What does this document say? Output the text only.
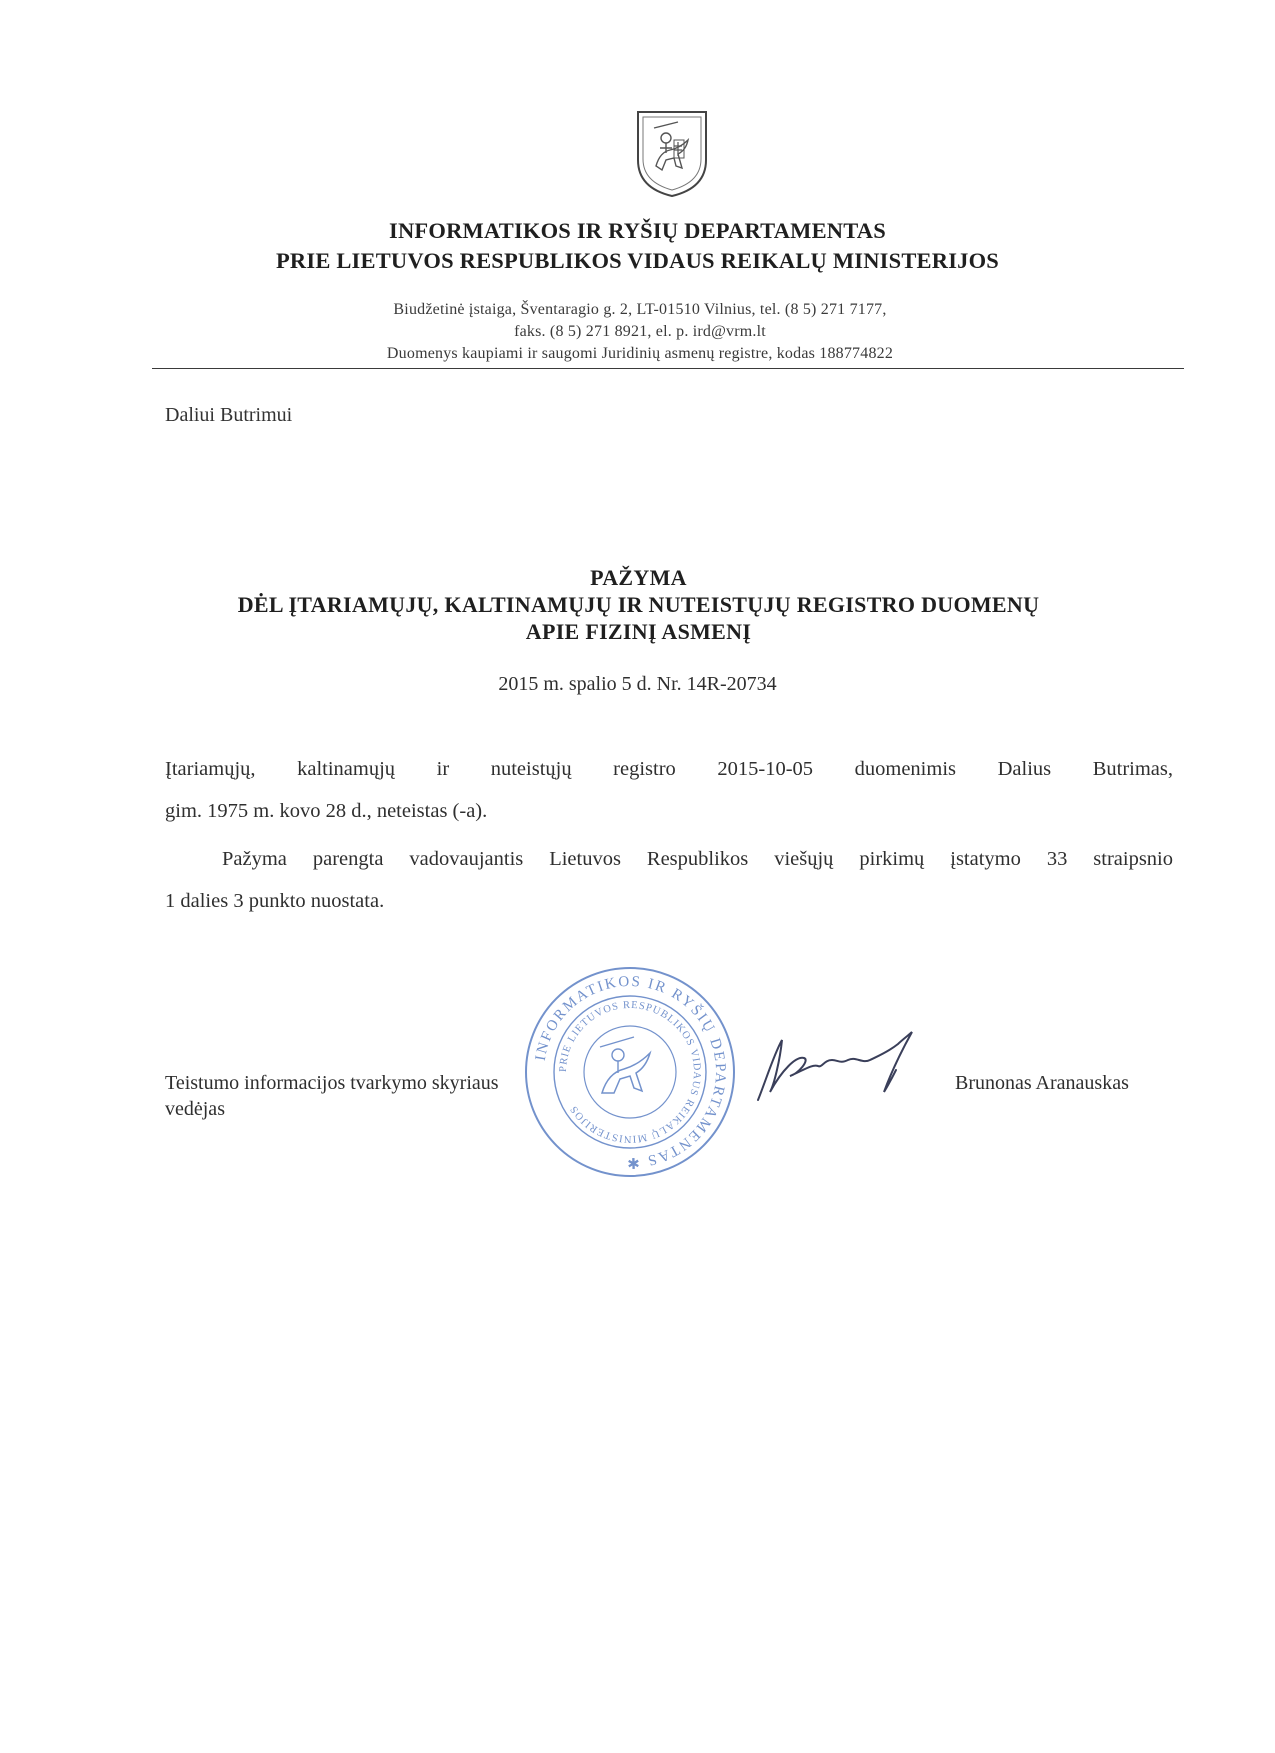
INFORMATIKOS IR RYŠIŲ DEPARTAMENTAS
PRIE LIETUVOS RESPUBLIKOS VIDAUS REIKALŲ MINISTERIJOS
Biudžetinė įstaiga, Šventaragio g. 2, LT-01510 Vilnius, tel. (8 5) 271 7177,
faks. (8 5) 271 8921, el. p. ird@vrm.lt
Duomenys kaupiami ir saugomi Juridinių asmenų registre, kodas 188774822
Daliui Butrimui
PAŽYMA
DĖL ĮTARIAMŲJŲ, KALTINAMŲJŲ IR NUTEISTŲJŲ REGISTRO DUOMENŲ
APIE FIZINĮ ASMENĮ
2015 m. spalio 5 d. Nr. 14R-20734
Įtariamųjų, kaltinamųjų ir nuteistųjų registro 2015-10-05 duomenimis Dalius Butrimas,
gim. 1975 m. kovo 28 d., neteistas (-a).
Pažyma parengta vadovaujantis Lietuvos Respublikos viešųjų pirkimų įstatymo 33 straipsnio
1 dalies 3 punkto nuostata.
Teistumo informacijos tvarkymo skyriaus
vedėjas
Brunonas Aranauskas
INFORMATIKOS IR RYŠIŲ DEPARTAMENTAS ✱
PRIE LIETUVOS RESPUBLIKOS VIDAUS REIKALŲ MINISTERIJOS
